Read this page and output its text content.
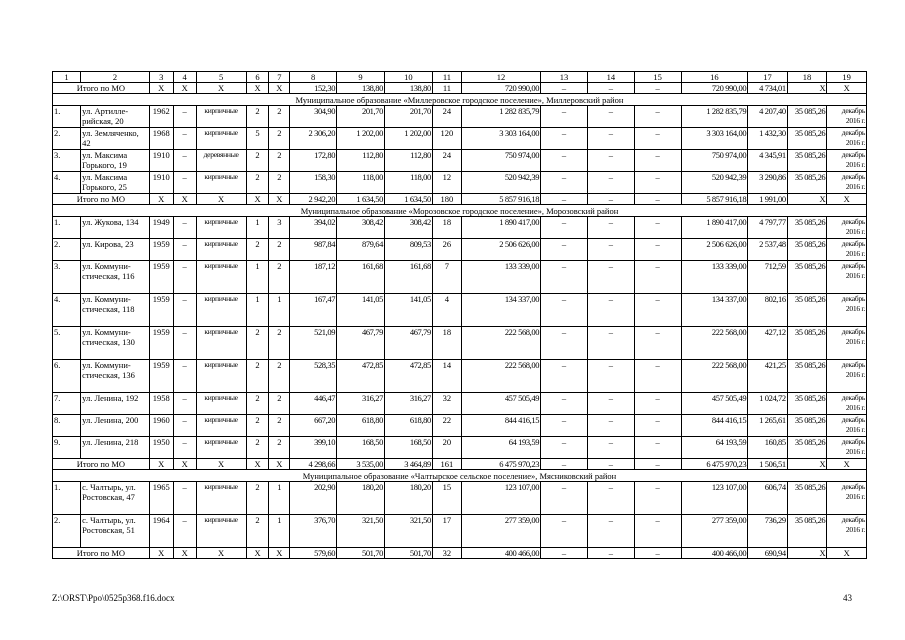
1	2	3	4	5	6	7	8	9	10	11	12	13	14	15	16	17	18	19
Итого по МО		X	X	X	X	X	152,30	138,80	138,80	11	720 990,00	–	–	–	720 990,00	4 734,01	X	X
Муниципальное образование «Миллеровское городское поселение», Миллеровский район																		
1.	ул. Артилле-рийская, 20	1962	–	кирпичные	2	2	304,90	201,70	201,70	24	1 282 835,79	–	–	–	1 282 835,79	4 207,40	35 085,26	декабрь 2016 г.
2.	ул. Земляченко, 42	1968	–	кирпичные	5	2	2 306,20	1 202,00	1 202,00	120	3 303 164,00	–	–	–	3 303 164,00	1 432,30	35 085,26	декабрь 2016 г.
3.	ул. Максима Горького, 19	1910	–	деревянные	2	2	172,80	112,80	112,80	24	750 974,00	–	–	–	750 974,00	4 345,91	35 085,26	декабрь 2016 г.
4.	ул. Максима Горького, 25	1910	–	кирпичные	2	2	158,30	118,00	118,00	12	520 942,39	–	–	–	520 942,39	3 290,86	35 085,26	декабрь 2016 г.
Итого по МО		X	X	X	X	X	2 942,20	1 634,50	1 634,50	180	5 857 916,18	–	–	–	5 857 916,18	1 991,00	X	X
Муниципальное образование «Морозовское городское поселение», Морозовский район																		
1.	ул. Жукова, 134	1949	–	кирпичные	1	3	394,02	308,42	308,42	18	1 890 417,00	–	–	–	1 890 417,00	4 797,77	35 085,26	декабрь 2016 г.
2.	ул. Кирова, 23	1959	–	кирпичные	2	2	987,84	879,64	809,53	26	2 506 626,00	–	–	–	2 506 626,00	2 537,48	35 085,26	декабрь 2016 г.
3.	ул. Коммуни-стическая, 116	1959	–	кирпичные	1	2	187,12	161,68	161,68	7	133 339,00	–	–	–	133 339,00	712,59	35 085,26	декабрь 2016 г.
4.	ул. Коммуни-стическая, 118	1959	–	кирпичные	1	1	167,47	141,05	141,05	4	134 337,00	–	–	–	134 337,00	802,16	35 085,26	декабрь 2016 г.
5.	ул. Коммуни-стическая, 130	1959	–	кирпичные	2	2	521,09	467,79	467,79	18	222 568,00	–	–	–	222 568,00	427,12	35 085,26	декабрь 2016 г.
6.	ул. Коммуни-стическая, 136	1959	–	кирпичные	2	2	528,35	472,85	472,85	14	222 568,00	–	–	–	222 568,00	421,25	35 085,26	декабрь 2016 г.
7.	ул. Ленина, 192	1958	–	кирпичные	2	2	446,47	316,27	316,27	32	457 505,49	–	–	–	457 505,49	1 024,72	35 085,26	декабрь 2016 г.
8.	ул. Ленина, 200	1960	–	кирпичные	2	2	667,20	618,80	618,80	22	844 416,15	–	–	–	844 416,15	1 265,61	35 085,26	декабрь 2016 г.
9.	ул. Ленина, 218	1950	–	кирпичные	2	2	399,10	168,50	168,50	20	64 193,59	–	–	–	64 193,59	160,85	35 085,26	декабрь 2016 г.
Итого по МО		X	X	X	X	X	4 298,66	3 535,00	3 464,89	161	6 475 970,23	–	–	–	6 475 970,23	1 506,51	X	X
Муниципальное образование «Чалтырское сельское поселение», Мясниковский район																		
1.	с. Чалтырь, ул. Ростовская, 47	1965	–	кирпичные	2	1	202,90	180,20	180,20	15	123 107,00	–	–	–	123 107,00	606,74	35 085,26	декабрь 2016 г.
2.	с. Чалтырь, ул. Ростовская, 51	1964	–	кирпичные	2	1	376,70	321,50	321,50	17	277 359,00	–	–	–	277 359,00	736,29	35 085,26	декабрь 2016 г.
Итого по МО		X	X	X	X	X	579,60	501,70	501,70	32	400 466,00	–	–	–	400 466,00	690,94	X	X
Z:\ORST\Ppo\0525p368.f16.docx	43
